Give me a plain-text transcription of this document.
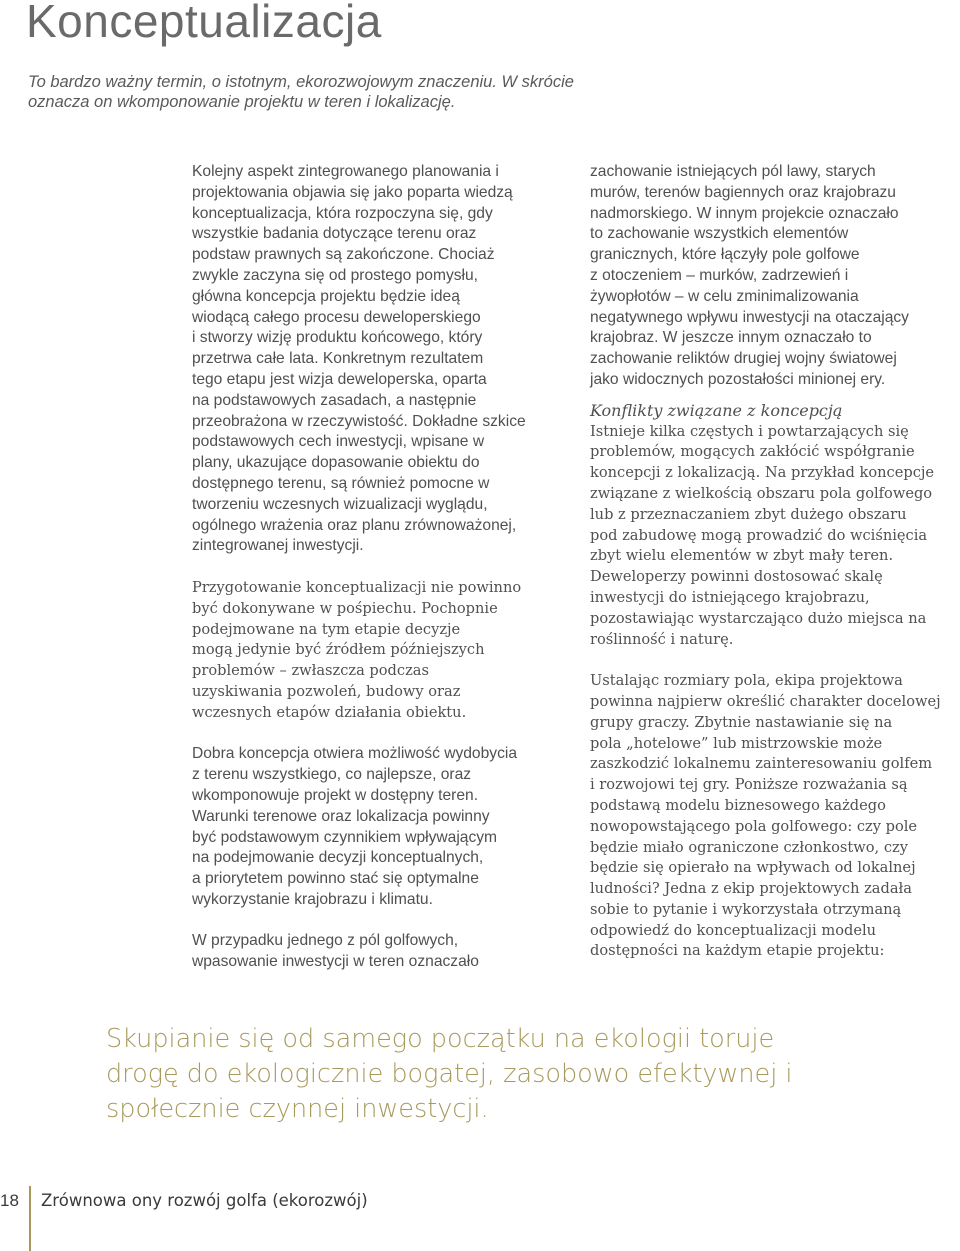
Konceptualizacja

To bardzo ważny termin, o istotnym, ekorozwojowym znaczeniu. W skrócie

oznacza on wkomponowanie projektu w teren i lokalizację.

Kolejny aspekt zintegrowanego planowania i

projektowania objawia się jako poparta wiedzą

konceptualizacja, która rozpoczyna się, gdy

wszystkie badania dotyczące terenu oraz

podstaw prawnych są zakończone. Chociaż

zwykle zaczyna się od prostego pomysłu,

główna koncepcja projektu będzie ideą

wiodącą całego procesu deweloperskiego

i stworzy wizję produktu końcowego, który

przetrwa całe lata. Konkretnym rezultatem

tego etapu jest wizja deweloperska, oparta

na podstawowych zasadach, a następnie

przeobrażona w rzeczywistość. Dokładne szkice

podstawowych cech inwestycji, wpisane w

plany, ukazujące dopasowanie obiektu do

dostępnego terenu, są również pomocne w

tworzeniu wczesnych wizualizacji wyglądu,

ogólnego wrażenia oraz planu zrównoważonej,

zintegrowanej inwestycji.

Przygotowanie konceptualizacji nie powinno

być dokonywane w pośpiechu. Pochopnie

podejmowane na tym etapie decyzje

mogą jedynie być źródłem późniejszych

problemów – zwłaszcza podczas

uzyskiwania pozwoleń, budowy oraz

wczesnych etapów działania obiektu.

Dobra koncepcja otwiera możliwość wydobycia

z terenu wszystkiego, co najlepsze, oraz

wkomponowuje projekt w dostępny teren.

Warunki terenowe oraz lokalizacja powinny

być podstawowym czynnikiem wpływającym

na podejmowanie decyzji konceptualnych,

a priorytetem powinno stać się optymalne

wykorzystanie krajobrazu i klimatu.

W przypadku jednego z pól golfowych,

wpasowanie inwestycji w teren oznaczało

zachowanie istniejących pól lawy, starych

murów, terenów bagiennych oraz krajobrazu

nadmorskiego. W innym projekcie oznaczało

to zachowanie wszystkich elementów

granicznych, które łączyły pole golfowe

z otoczeniem – murków, zadrzewień i

żywopłotów – w celu zminimalizowania

negatywnego wpływu inwestycji na otaczający

krajobraz. W jeszcze innym oznaczało to

zachowanie reliktów drugiej wojny światowej

jako widocznych pozostałości minionej ery.

Konflikty związane z koncepcją

Istnieje kilka częstych i powtarzających się

problemów, mogących zakłócić współgranie

koncepcji z lokalizacją. Na przykład koncepcje

związane z wielkością obszaru pola golfowego

lub z przeznaczaniem zbyt dużego obszaru

pod zabudowę mogą prowadzić do wciśnięcia

zbyt wielu elementów w zbyt mały teren.

Deweloperzy powinni dostosować skalę

inwestycji do istniejącego krajobrazu,

pozostawiając wystarczająco dużo miejsca na

roślinność i naturę.

Ustalając rozmiary pola, ekipa projektowa

powinna najpierw określić charakter docelowej

grupy graczy. Zbytnie nastawianie się na

pola „hotelowe” lub mistrzowskie może

zaszkodzić lokalnemu zainteresowaniu golfem

i rozwojowi tej gry. Poniższe rozważania są

podstawą modelu biznesowego każdego

nowopowstającego pola golfowego: czy pole

będzie miało ograniczone członkostwo, czy

będzie się opierało na wpływach od lokalnej

ludności? Jedna z ekip projektowych zadała

sobie to pytanie i wykorzystała otrzymaną

odpowiedź do konceptualizacji modelu

dostępności na każdym etapie projektu:

Skupianie się od samego początku na ekologii toruje

drogę do ekologicznie bogatej, zasobowo efektywnej i

społecznie czynnej inwestycji.

18 Zrównowa ony rozwój golfa (ekorozwój)
